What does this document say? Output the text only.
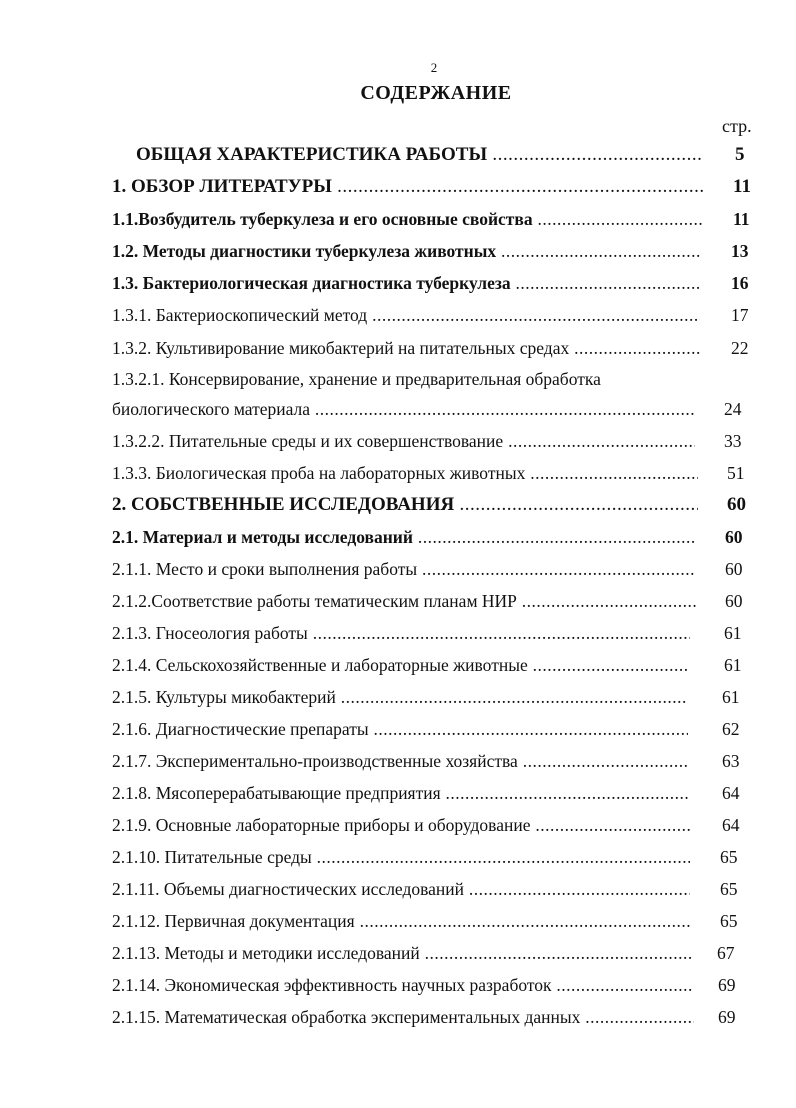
2
СОДЕРЖАНИЕ
стр.
ОБЩАЯ ХАРАКТЕРИСТИКА РАБОТЫ .....	5
1. ОБЗОР ЛИТЕРАТУРЫ .....	11
1.1.Возбудитель туберкулеза и его основные свойства .....	11
1.2. Методы диагностики туберкулеза животных .....	13
1.3. Бактериологическая диагностика туберкулеза .....	16
1.3.1. Бактериоскопический метод .....	17
1.3.2. Культивирование микобактерий на питательных средах .....	22
1.3.2.1. Консервирование, хранение и предварительная обработка
биологического материала .....	24
1.3.2.2. Питательные среды и их совершенствование .....	33
1.3.3. Биологическая проба на лабораторных животных .....	51
2. СОБСТВЕННЫЕ ИССЛЕДОВАНИЯ .....	60
2.1. Материал и методы исследований .....	60
2.1.1. Место и сроки выполнения работы .....	60
2.1.2.Соответствие работы тематическим планам НИР .....	60
2.1.3. Гносеология работы .....	61
2.1.4. Сельскохозяйственные и лабораторные животные .....	61
2.1.5. Культуры микобактерий .....	61
2.1.6. Диагностические препараты .....	62
2.1.7. Экспериментально-производственные хозяйства .....	63
2.1.8. Мясоперерабатывающие предприятия .....	64
2.1.9. Основные лабораторные приборы и оборудование .....	64
2.1.10. Питательные среды .....	65
2.1.11. Объемы диагностических исследований .....	65
2.1.12. Первичная документация .....	65
2.1.13. Методы и методики исследований .....	67
2.1.14. Экономическая эффективность научных разработок .....	69
2.1.15. Математическая обработка экспериментальных данных .....	69
